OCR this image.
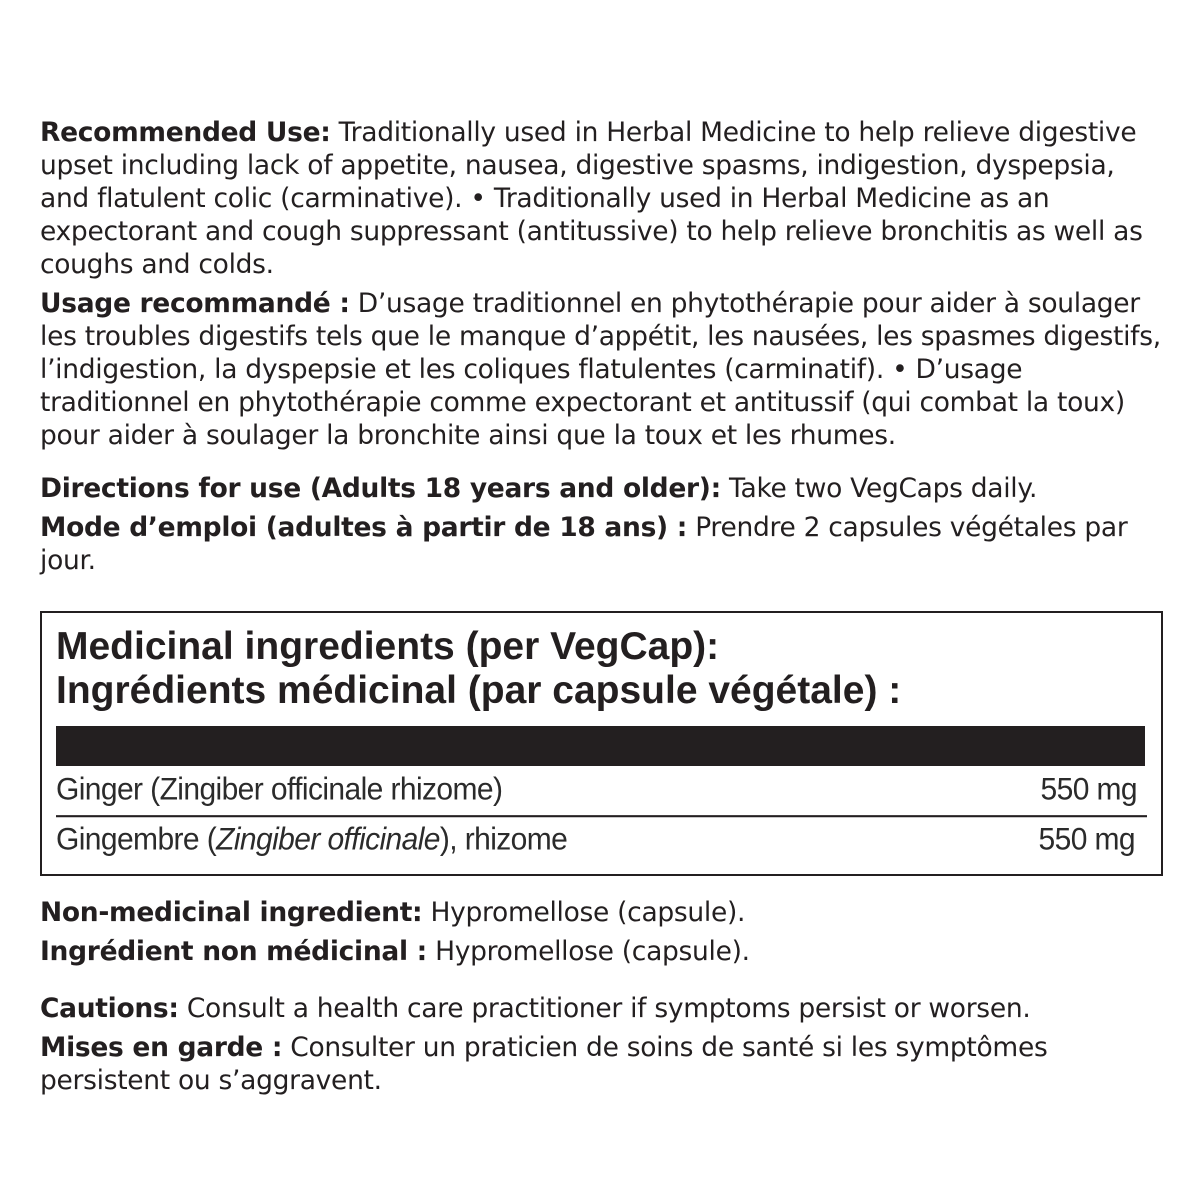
Recommended Use: Traditionally used in Herbal Medicine to help relieve digestive upset including lack of appetite, nausea, digestive spasms, indigestion, dyspepsia, and flatulent colic (carminative). • Traditionally used in Herbal Medicine as an expectorant and cough suppressant (antitussive) to help relieve bronchitis as well as coughs and colds.

Usage recommandé : D’usage traditionnel en phytothérapie pour aider à soulager les troubles digestifs tels que le manque d’appétit, les nausées, les spasmes digestifs, l’indigestion, la dyspepsie et les coliques flatulentes (carminatif). • D’usage traditionnel en phytothérapie comme expectorant et antitussif (qui combat la toux) pour aider à soulager la bronchite ainsi que la toux et les rhumes.

Directions for use (Adults 18 years and older): Take two VegCaps daily.

Mode d’emploi (adultes à partir de 18 ans) : Prendre 2 capsules végétales par jour.

Medicinal ingredients (per VegCap):

Ingrédients médicinal (par capsule végétale) :

Ginger (Zingiber officinale rhizome)	550 mg
Gingembre (Zingiber officinale), rhizome	550 mg

Non-medicinal ingredient: Hypromellose (capsule).

Ingrédient non médicinal : Hypromellose (capsule).

Cautions: Consult a health care practitioner if symptoms persist or worsen.

Mises en garde : Consulter un praticien de soins de santé si les symptômes persistent ou s’aggravent.
